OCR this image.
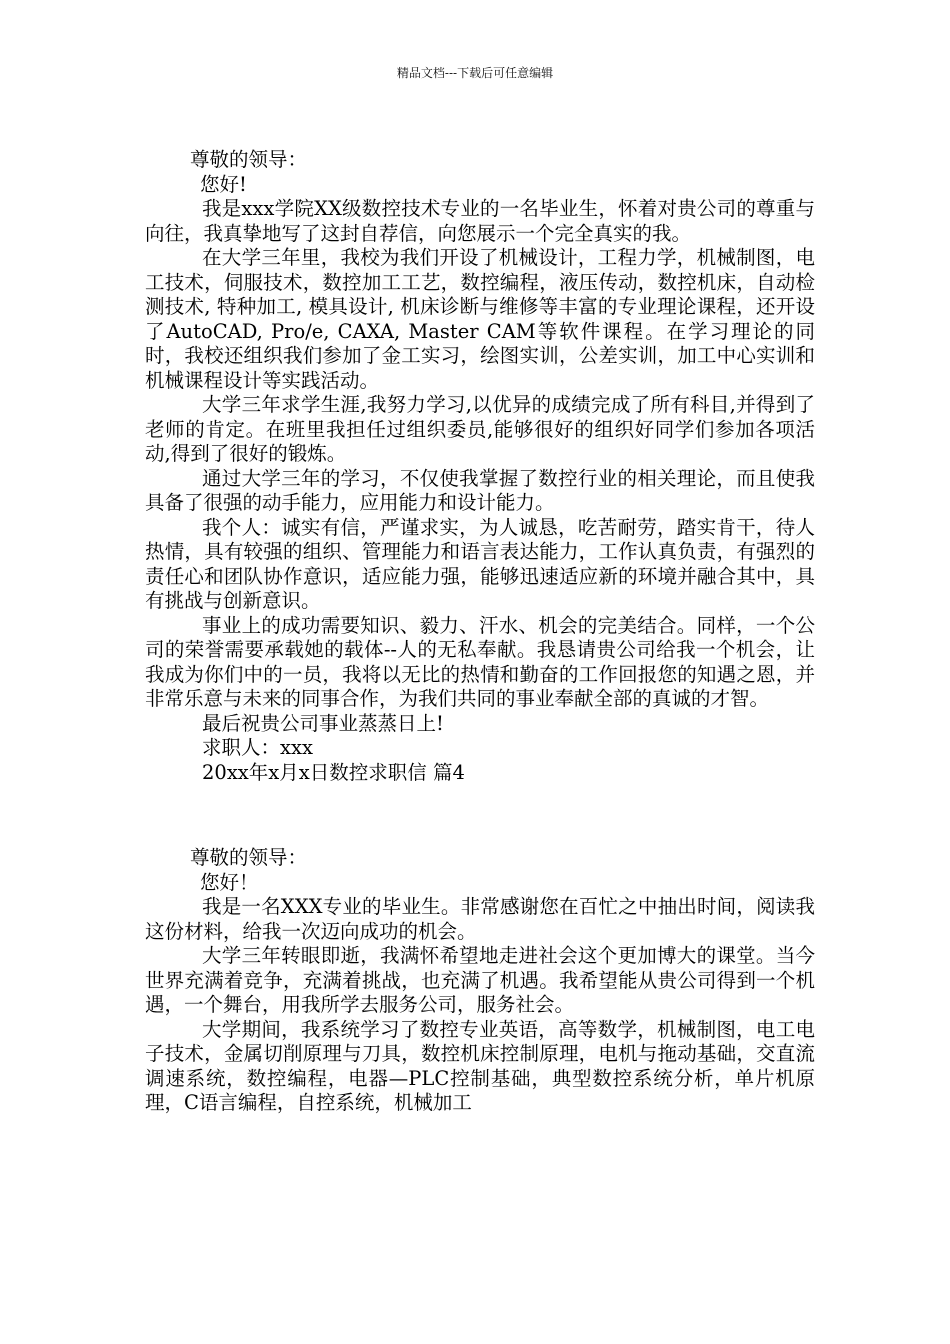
精品文档---下载后可任意编辑

尊敬的领导：

您好!

我是xxx学院XX级数控技术专业的一名毕业生，怀着对贵公司的尊重与向往，我真挚地写了这封自荐信，向您展示一个完全真实的我。

在大学三年里，我校为我们开设了机械设计，工程力学，机械制图，电工技术，伺服技术，数控加工工艺，数控编程，液压传动，数控机床，自动检测技术, 特种加工, 模具设计, 机床诊断与维修等丰富的专业理论课程，还开设了AutoCAD, Pro/e, CAXA, Master CAM等软件课程。在学习理论的同时，我校还组织我们参加了金工实习，绘图实训，公差实训，加工中心实训和机械课程设计等实践活动。

大学三年求学生涯,我努力学习,以优异的成绩完成了所有科目,并得到了老师的肯定。在班里我担任过组织委员,能够很好的组织好同学们参加各项活动,得到了很好的锻炼。

通过大学三年的学习，不仅使我掌握了数控行业的相关理论，而且使我具备了很强的动手能力，应用能力和设计能力。

我个人：诚实有信，严谨求实，为人诚恳，吃苦耐劳，踏实肯干，待人热情，具有较强的组织、管理能力和语言表达能力，工作认真负责，有强烈的责任心和团队协作意识，适应能力强，能够迅速适应新的环境并融合其中，具有挑战与创新意识。

事业上的成功需要知识、毅力、汗水、机会的完美结合。同样，一个公司的荣誉需要承载她的载体--人的无私奉献。我恳请贵公司给我一个机会，让我成为你们中的一员，我将以无比的热情和勤奋的工作回报您的知遇之恩，并非常乐意与未来的同事合作，为我们共同的事业奉献全部的真诚的才智。

最后祝贵公司事业蒸蒸日上!

求职人：xxx

20xx年x月x日数控求职信 篇4

尊敬的领导：

您好！

我是一名XXX专业的毕业生。非常感谢您在百忙之中抽出时间，阅读我这份材料，给我一次迈向成功的机会。

大学三年转眼即逝，我满怀希望地走进社会这个更加博大的课堂。当今世界充满着竞争，充满着挑战，也充满了机遇。我希望能从贵公司得到一个机遇，一个舞台，用我所学去服务公司，服务社会。

大学期间，我系统学习了数控专业英语，高等数学，机械制图，电工电子技术，金属切削原理与刀具，数控机床控制原理，电机与拖动基础，交直流调速系统，数控编程，电器—PLC控制基础，典型数控系统分析，单片机原理，C语言编程，自控系统，机械加工
